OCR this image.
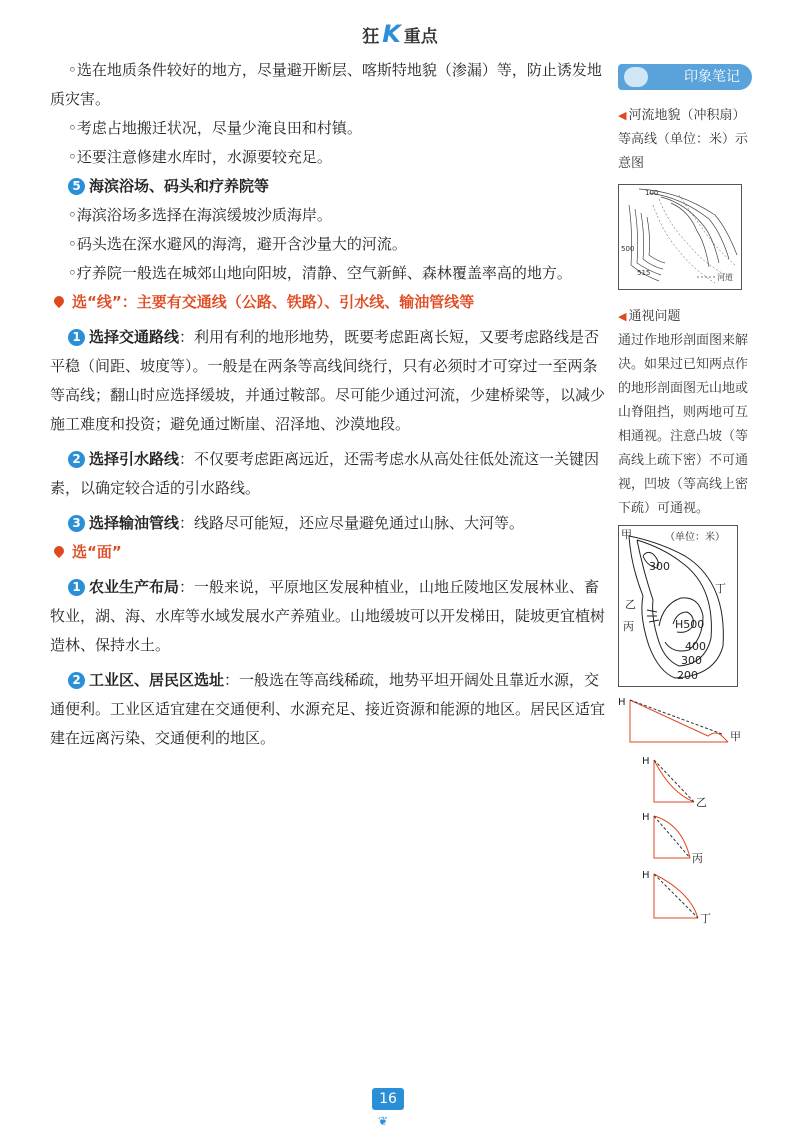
狂 K 重点

◦选在地质条件较好的地方，尽量避开断层、喀斯特地貌（渗漏）等，防止诱发地质灾害。

◦考虑占地搬迁状况，尽量少淹良田和村镇。

◦还要注意修建水库时，水源要较充足。

5 海滨浴场、码头和疗养院等

◦海滨浴场多选择在海滨缓坡沙质海岸。

◦码头选在深水避风的海湾，避开含沙量大的河流。

◦疗养院一般选在城郊山地向阳坡，清静、空气新鲜、森林覆盖率高的地方。

选“线”：主要有交通线（公路、铁路）、引水线、输油管线等

1 选择交通路线：利用有利的地形地势，既要考虑距离长短，又要考虑路线是否平稳（间距、坡度等）。一般是在两条等高线间绕行，只有必须时才可穿过一至两条等高线；翻山时应选择缓坡，并通过鞍部。尽可能少通过河流，少建桥梁等，以减少施工难度和投资；避免通过断崖、沼泽地、沙漠地段。

2 选择引水路线：不仅要考虑距离远近，还需考虑水从高处往低处流这一关键因素，以确定较合适的引水路线。

3 选择输油管线：线路尽可能短，还应尽量避免通过山脉、大河等。

选“面”

1 农业生产布局：一般来说，平原地区发展种植业，山地丘陵地区发展林业、畜牧业，湖、海、水库等水域发展水产养殖业。山地缓坡可以开发梯田，陡坡更宜植树造林、保持水土。

2 工业区、居民区选址：一般选在等高线稀疏，地势平坦开阔处且靠近水源，交通便利。工业区适宜建在交通便利、水源充足、接近资源和能源的地区。居民区适宜建在远离污染、交通便利的地区。

印象笔记
◀ 河流地貌（冲积扇）等高线（单位：米）示意图
100
500
515	河道
◀ 通视问题
通过作地形剖面图来解决。如果过已知两点作的地形剖面图无山地或山脊阻挡，则两地可互相通视。注意凸坡（等高线上疏下密）不可通视，凹坡（等高线上密下疏）可通视。
（单位：米）
甲
乙
丙
丁
300
H500
400
300
200

H
甲
H
乙
H
丙
H
丁
16
❦
